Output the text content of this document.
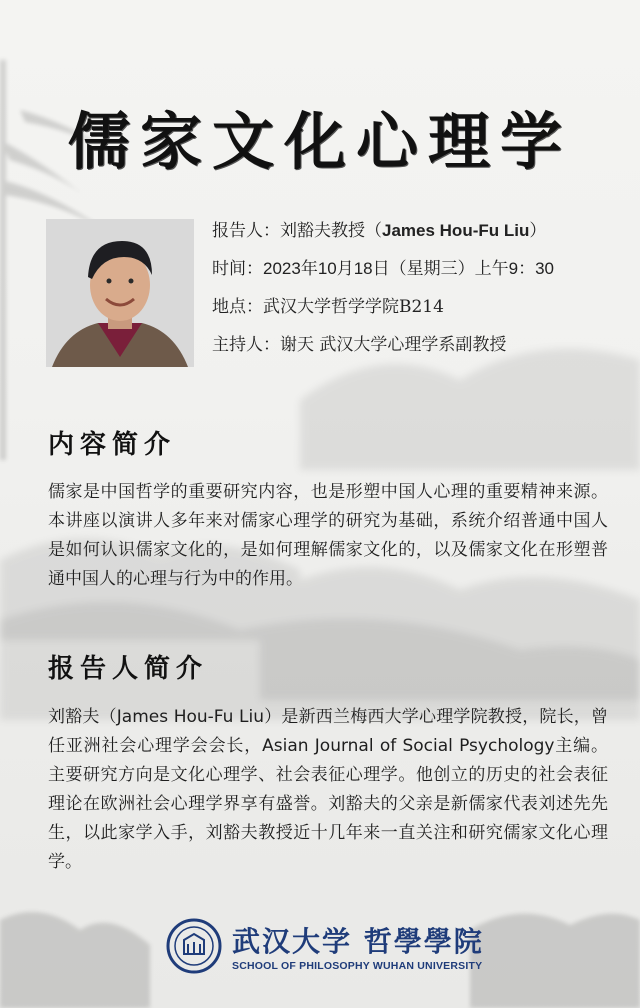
儒家文化心理学
报告人：刘豁夫教授（James Hou-Fu Liu）
时间：2023年10月18日（星期三）上午9：30
地点：武汉大学哲学学院B214
主持人：谢天 武汉大学心理学系副教授
内容简介
儒家是中国哲学的重要研究内容，也是形塑中国人心理的重要精神来源。本讲座以演讲人多年来对儒家心理学的研究为基础，系统介绍普通中国人是如何认识儒家文化的，是如何理解儒家文化的，以及儒家文化在形塑普通中国人的心理与行为中的作用。
报告人简介
刘豁夫（James Hou-Fu Liu）是新西兰梅西大学心理学院教授，院长，曾任亚洲社会心理学会会长，Asian Journal of Social Psychology主编。主要研究方向是文化心理学、社会表征心理学。他创立的历史的社会表征理论在欧洲社会心理学界享有盛誉。刘豁夫的父亲是新儒家代表刘述先先生，以此家学入手，刘豁夫教授近十几年来一直关注和研究儒家文化心理学。
武汉大学 哲學學院
SCHOOL OF PHILOSOPHY WUHAN UNIVERSITY
